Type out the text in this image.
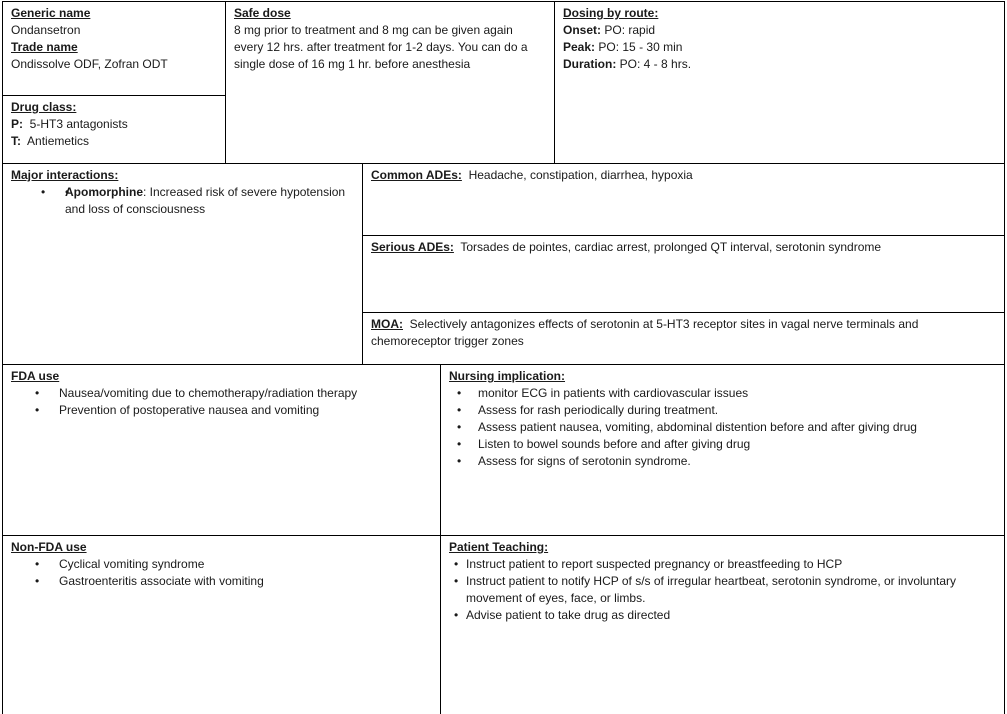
Generic name
Ondansetron
Trade name
Ondissolve ODF, Zofran ODT
Drug class:
P: 5-HT3 antagonists
T: Antiemetics
Safe dose
8 mg prior to treatment and 8 mg can be given again
every 12 hrs. after treatment for 1-2 days. You can do a
single dose of 16 mg 1 hr. before anesthesia
Dosing by route:
Onset: PO: rapid
Peak: PO: 15 - 30 min
Duration: PO: 4 - 8 hrs.
Major interactions:
• • Apomorphine: Increased risk of severe hypotension
and loss of consciousness
Common ADEs: Headache, constipation, diarrhea, hypoxia
Serious ADEs: Torsades de pointes, cardiac arrest, prolonged QT interval, serotonin syndrome
MOA: Selectively antagonizes effects of serotonin at 5-HT3 receptor sites in vagal nerve terminals and
chemoreceptor trigger zones
FDA use
• Nausea/vomiting due to chemotherapy/radiation therapy
• Prevention of postoperative nausea and vomiting
Nursing implication:
• monitor ECG in patients with cardiovascular issues
• Assess for rash periodically during treatment.
• Assess patient nausea, vomiting, abdominal distention before and after giving drug
• Listen to bowel sounds before and after giving drug
• Assess for signs of serotonin syndrome.
Non-FDA use
• Cyclical vomiting syndrome
• Gastroenteritis associate with vomiting
Patient Teaching:
• Instruct patient to report suspected pregnancy or breastfeeding to HCP
• Instruct patient to notify HCP of s/s of irregular heartbeat, serotonin syndrome, or involuntary
movement of eyes, face, or limbs.
• Advise patient to take drug as directed
